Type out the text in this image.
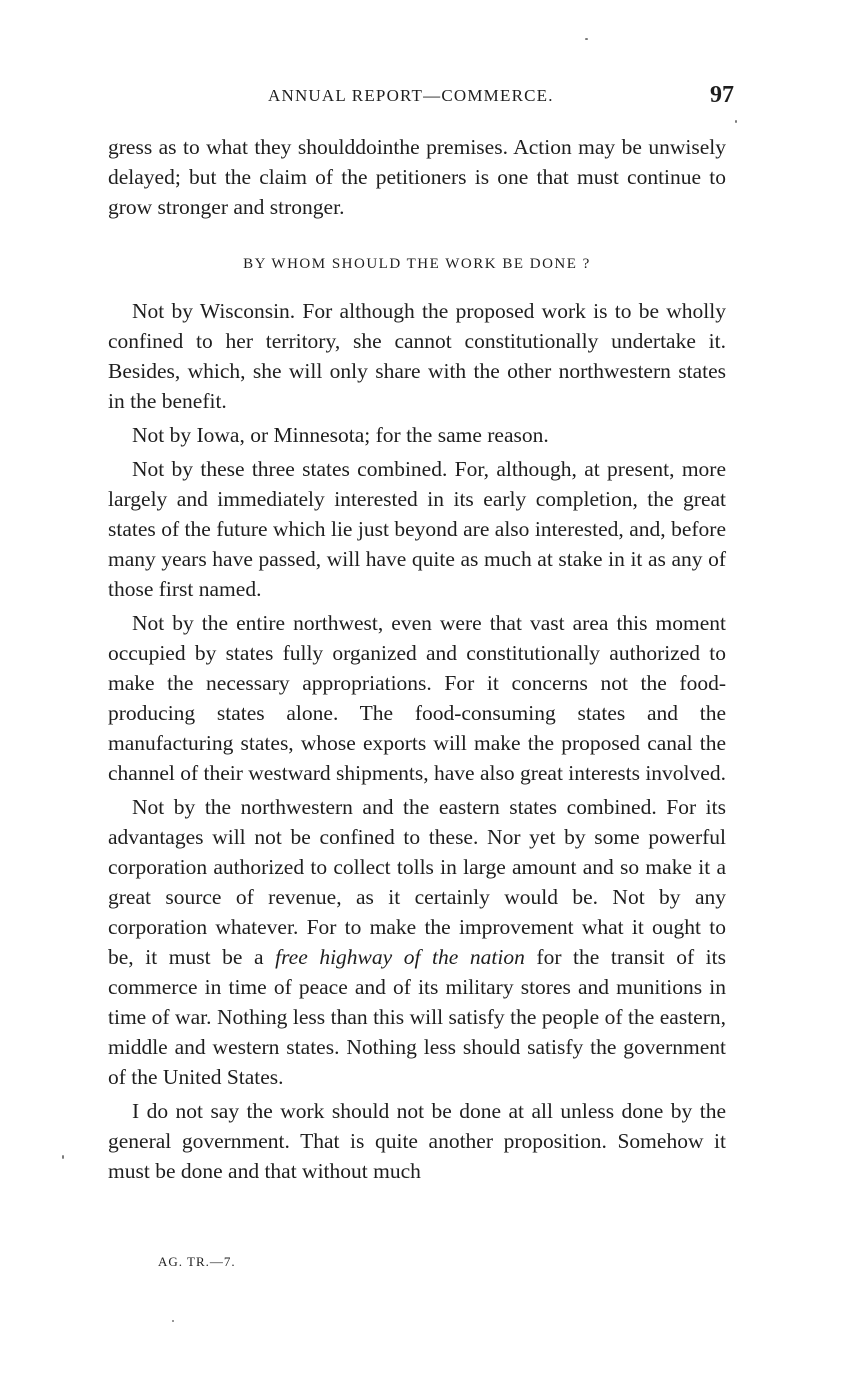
ANNUAL REPORT—COMMERCE.	97

gress as to what they shoulddointhe premises. Action may be unwisely delayed; but the claim of the petitioners is one that must continue to grow stronger and stronger.

BY WHOM SHOULD THE WORK BE DONE ?

Not by Wisconsin. For although the proposed work is to be wholly confined to her territory, she cannot constitutionally undertake it. Besides, which, she will only share with the other northwestern states in the benefit.

Not by Iowa, or Minnesota; for the same reason.

Not by these three states combined. For, although, at present, more largely and immediately interested in its early completion, the great states of the future which lie just beyond are also interested, and, before many years have passed, will have quite as much at stake in it as any of those first named.

Not by the entire northwest, even were that vast area this moment occupied by states fully organized and constitutionally authorized to make the necessary appropriations. For it concerns not the food-producing states alone. The food-consuming states and the manufacturing states, whose exports will make the proposed canal the channel of their westward shipments, have also great interests involved.

Not by the northwestern and the eastern states combined. For its advantages will not be confined to these. Nor yet by some powerful corporation authorized to collect tolls in large amount and so make it a great source of revenue, as it certainly would be. Not by any corporation whatever. For to make the improvement what it ought to be, it must be a free highway of the nation for the transit of its commerce in time of peace and of its military stores and munitions in time of war. Nothing less than this will satisfy the people of the eastern, middle and western states. Nothing less should satisfy the government of the United States.

I do not say the work should not be done at all unless done by the general government. That is quite another proposition. Somehow it must be done and that without much

AG. TR.—7.
